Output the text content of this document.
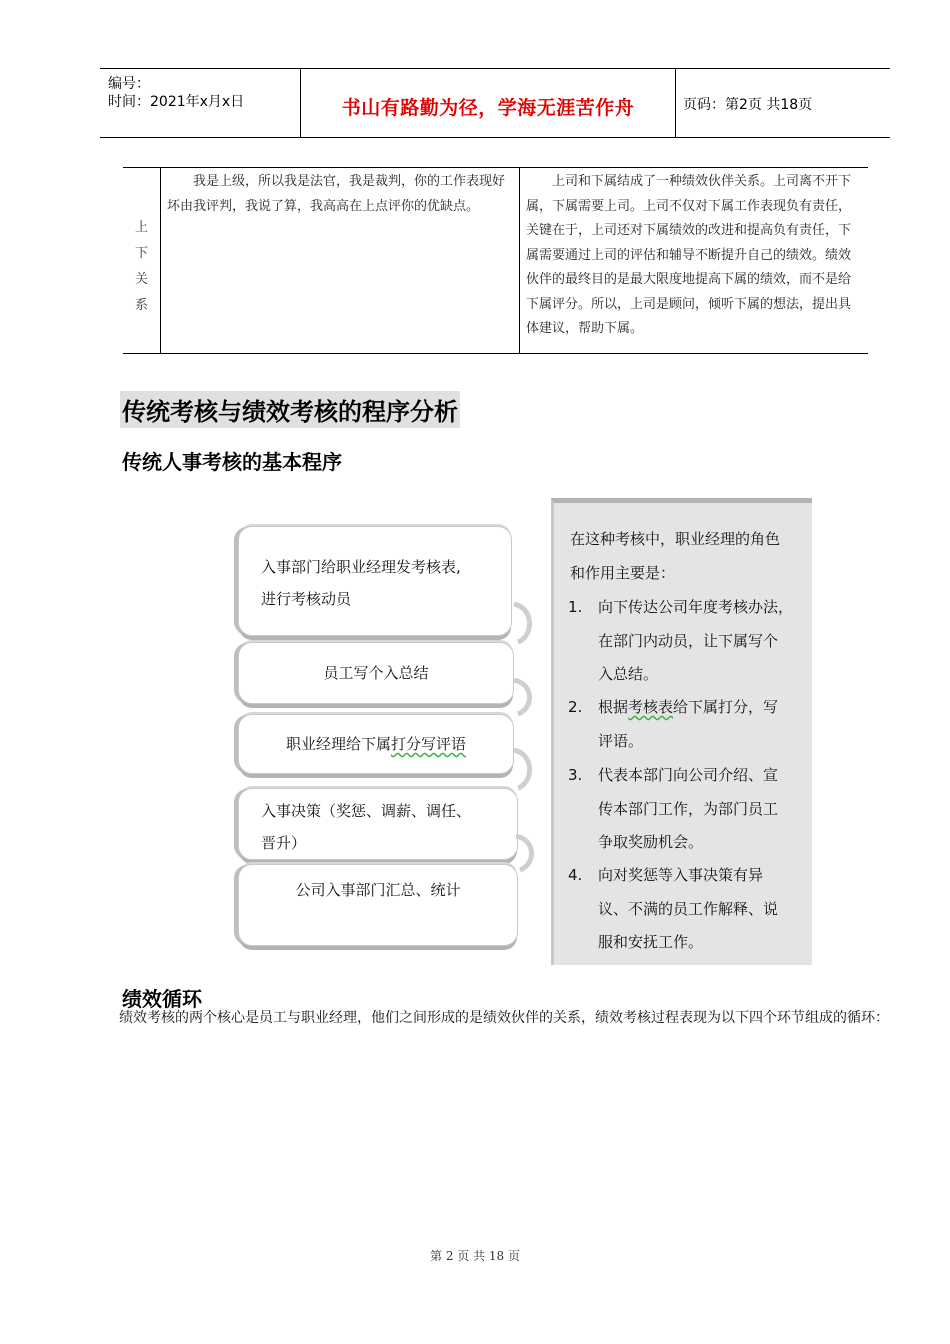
编号：
时间：2021年x月x日	书山有路勤为径，学海无涯苦作舟	页码：第2页 共18页
上
下
关
系

我是上级，所以我是法官，我是裁判，你的工作表现好坏由我评判，我说了算，我高高在上点评你的优缺点。

上司和下属结成了一种绩效伙伴关系。上司离不开下属，下属需要上司。上司不仅对下属工作表现负有责任，关键在于，上司还对下属绩效的改进和提高负有责任，下属需要通过上司的评估和辅导不断提升自己的绩效。绩效伙伴的最终目的是最大限度地提高下属的绩效，而不是给下属评分。所以，上司是顾问，倾听下属的想法，提出具体建议，帮助下属。

传统考核与绩效考核的程序分析
传统人事考核的基本程序
入事部门给职业经理发考核表,
进行考核动员
员工写个入总结
职业经理给下属打分写评语
入事决策（奖惩、调薪、调任、
晋升）
公司入事部门汇总、统计
在这种考核中，职业经理的角色
和作用主要是：
1. 向下传达公司年度考核办法，
在部门内动员，让下属写个
入总结。
2. 根据考核表给下属打分，写
评语。
3. 代表本部门向公司介绍、宣
传本部门工作，为部门员工
争取奖励机会。
4. 向对奖惩等入事决策有异
议、不满的员工作解释、说
服和安抚工作。
绩效循环
绩效考核的两个核心是员工与职业经理，他们之间形成的是绩效伙伴的关系，绩效考核过程表现为以下四个环节组成的循环：
第 2 页 共 18 页
